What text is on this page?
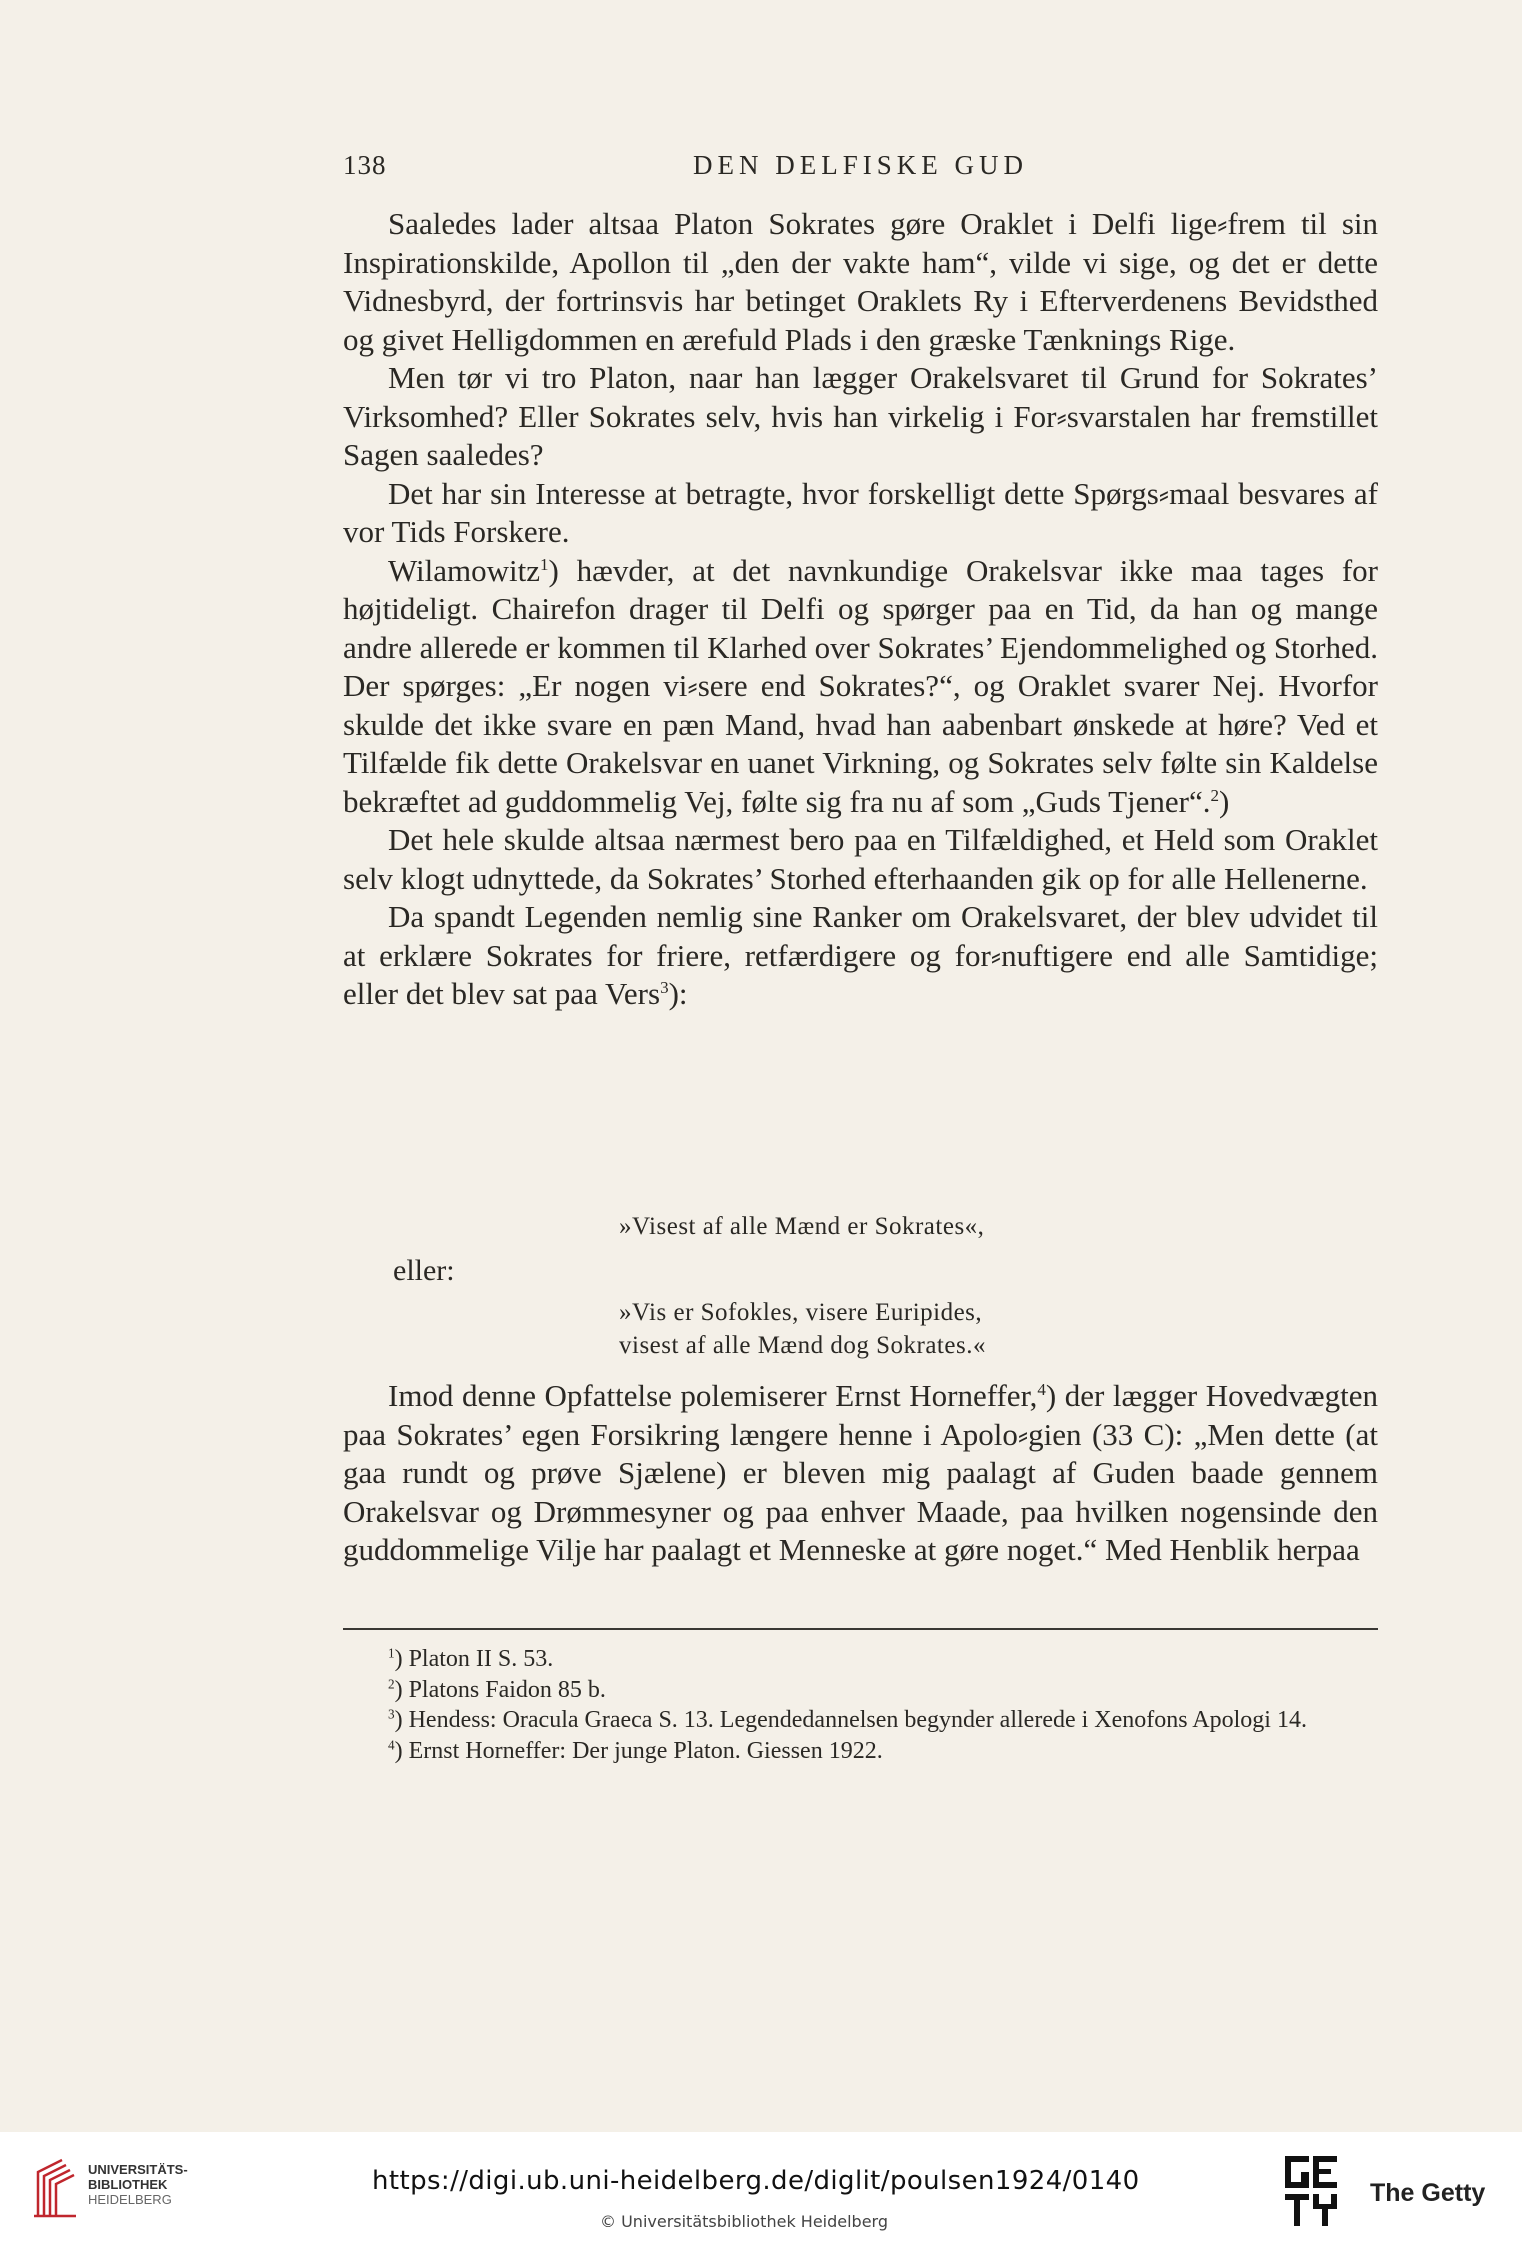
138	DEN DELFISKE GUD

Saaledes lader altsaa Platon Sokrates gøre Oraklet i Delfi lige⸗frem til sin Inspirationskilde, Apollon til „den der vakte ham“, vilde vi sige, og det er dette Vidnesbyrd, der fortrinsvis har betinget Oraklets Ry i Efterverdenens Bevidsthed og givet Helligdommen en ærefuld Plads i den græske Tænknings Rige.

Men tør vi tro Platon, naar han lægger Orakelsvaret til Grund for Sokrates’ Virksomhed? Eller Sokrates selv, hvis han virkelig i For⸗svarstalen har fremstillet Sagen saaledes?

Det har sin Interesse at betragte, hvor forskelligt dette Spørgs⸗maal besvares af vor Tids Forskere.

Wilamowitz$^1$) hævder, at det navnkundige Orakelsvar ikke maa tages for højtideligt. Chairefon drager til Delfi og spørger paa en Tid, da han og mange andre allerede er kommen til Klarhed over Sokrates’ Ejendommelighed og Storhed. Der spørges: „Er nogen vi⸗sere end Sokrates?“, og Oraklet svarer Nej. Hvorfor skulde det ikke svare en pæn Mand, hvad han aabenbart ønskede at høre? Ved et Tilfælde fik dette Orakelsvar en uanet Virkning, og Sokrates selv følte sin Kaldelse bekræftet ad guddommelig Vej, følte sig fra nu af som „Guds Tjener“.$^2$)

Det hele skulde altsaa nærmest bero paa en Tilfældighed, et Held som Oraklet selv klogt udnyttede, da Sokrates’ Storhed efterhaanden gik op for alle Hellenerne.

Da spandt Legenden nemlig sine Ranker om Orakelsvaret, der blev udvidet til at erklære Sokrates for friere, retfærdigere og for⸗nuftigere end alle Samtidige; eller det blev sat paa Vers$^3$):

»Visest af alle Mænd er Sokrates«,
eller:
»Vis er Sofokles, visere Euripides,
visest af alle Mænd dog Sokrates.«

Imod denne Opfattelse polemiserer Ernst Horneffer,$^4$) der lægger Hovedvægten paa Sokrates’ egen Forsikring længere henne i Apolo⸗gien (33 C): „Men dette (at gaa rundt og prøve Sjælene) er bleven mig paalagt af Guden baade gennem Orakelsvar og Drømmesyner og paa enhver Maade, paa hvilken nogensinde den guddommelige Vilje har paalagt et Menneske at gøre noget.“ Med Henblik herpaa

$^1$) Platon II S. 53.

$^2$) Platons Faidon 85 b.

$^3$) Hendess: Oracula Graeca S. 13. Legendedannelsen begynder allerede i Xenofons Apologi 14.

$^4$) Ernst Horneffer: Der junge Platon. Giessen 1922.

UNIVERSITÄTS-
BIBLIOTHEK
HEIDELBERG
https://digi.ub.uni-heidelberg.de/diglit/poulsen1924/0140
© Universitätsbibliothek Heidelberg
The Getty
